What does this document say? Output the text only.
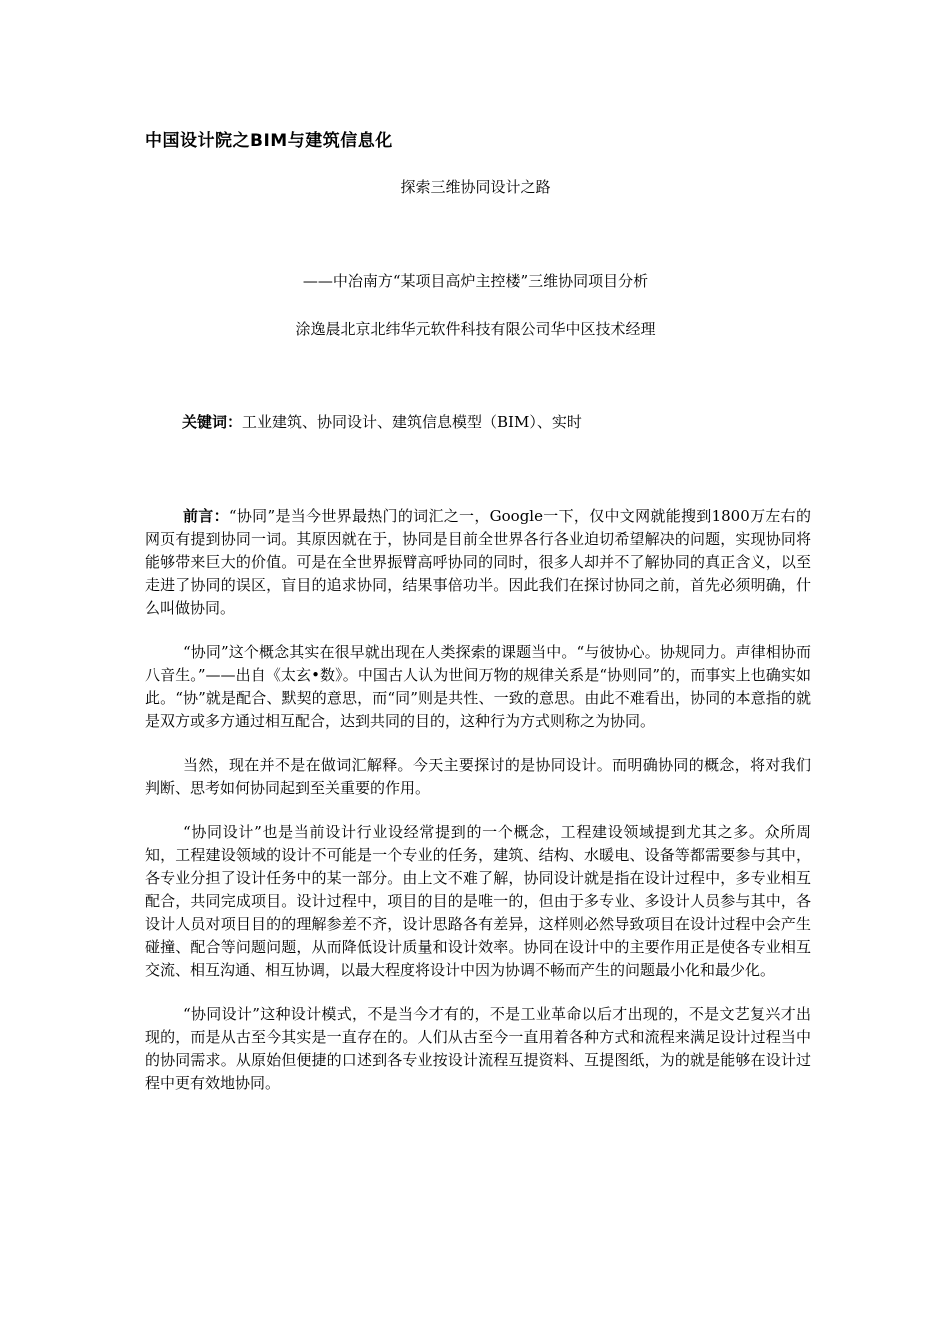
中国设计院之BIM与建筑信息化
探索三维协同设计之路
——中冶南方“某项目高炉主控楼”三维协同项目分析
涂逸晨北京北纬华元软件科技有限公司华中区技术经理
关键词：工业建筑、协同设计、建筑信息模型（BIM）、实时

前言：“协同”是当今世界最热门的词汇之一，Google一下，仅中文网就能搜到1800万左右的网页有提到协同一词。其原因就在于，协同是目前全世界各行各业迫切希望解决的问题，实现协同将能够带来巨大的价值。可是在全世界振臂高呼协同的同时，很多人却并不了解协同的真正含义，以至走进了协同的误区，盲目的追求协同，结果事倍功半。因此我们在探讨协同之前，首先必须明确，什么叫做协同。

“协同”这个概念其实在很早就出现在人类探索的课题当中。“与彼协心。协规同力。声律相协而八音生。”——出自《太玄•数》。中国古人认为世间万物的规律关系是“协则同”的，而事实上也确实如此。“协”就是配合、默契的意思，而“同”则是共性、一致的意思。由此不难看出，协同的本意指的就是双方或多方通过相互配合，达到共同的目的，这种行为方式则称之为协同。

当然，现在并不是在做词汇解释。今天主要探讨的是协同设计。而明确协同的概念，将对我们判断、思考如何协同起到至关重要的作用。

“协同设计”也是当前设计行业设经常提到的一个概念，工程建设领域提到尤其之多。众所周知，工程建设领域的设计不可能是一个专业的任务，建筑、结构、水暖电、设备等都需要参与其中，各专业分担了设计任务中的某一部分。由上文不难了解，协同设计就是指在设计过程中，多专业相互配合，共同完成项目。设计过程中，项目的目的是唯一的，但由于多专业、多设计人员参与其中，各设计人员对项目目的的理解参差不齐，设计思路各有差异，这样则必然导致项目在设计过程中会产生碰撞、配合等问题问题，从而降低设计质量和设计效率。协同在设计中的主要作用正是使各专业相互交流、相互沟通、相互协调，以最大程度将设计中因为协调不畅而产生的问题最小化和最少化。

“协同设计”这种设计模式，不是当今才有的，不是工业革命以后才出现的，不是文艺复兴才出现的，而是从古至今其实是一直存在的。人们从古至今一直用着各种方式和流程来满足设计过程当中的协同需求。从原始但便捷的口述到各专业按设计流程互提资料、互提图纸，为的就是能够在设计过程中更有效地协同。
